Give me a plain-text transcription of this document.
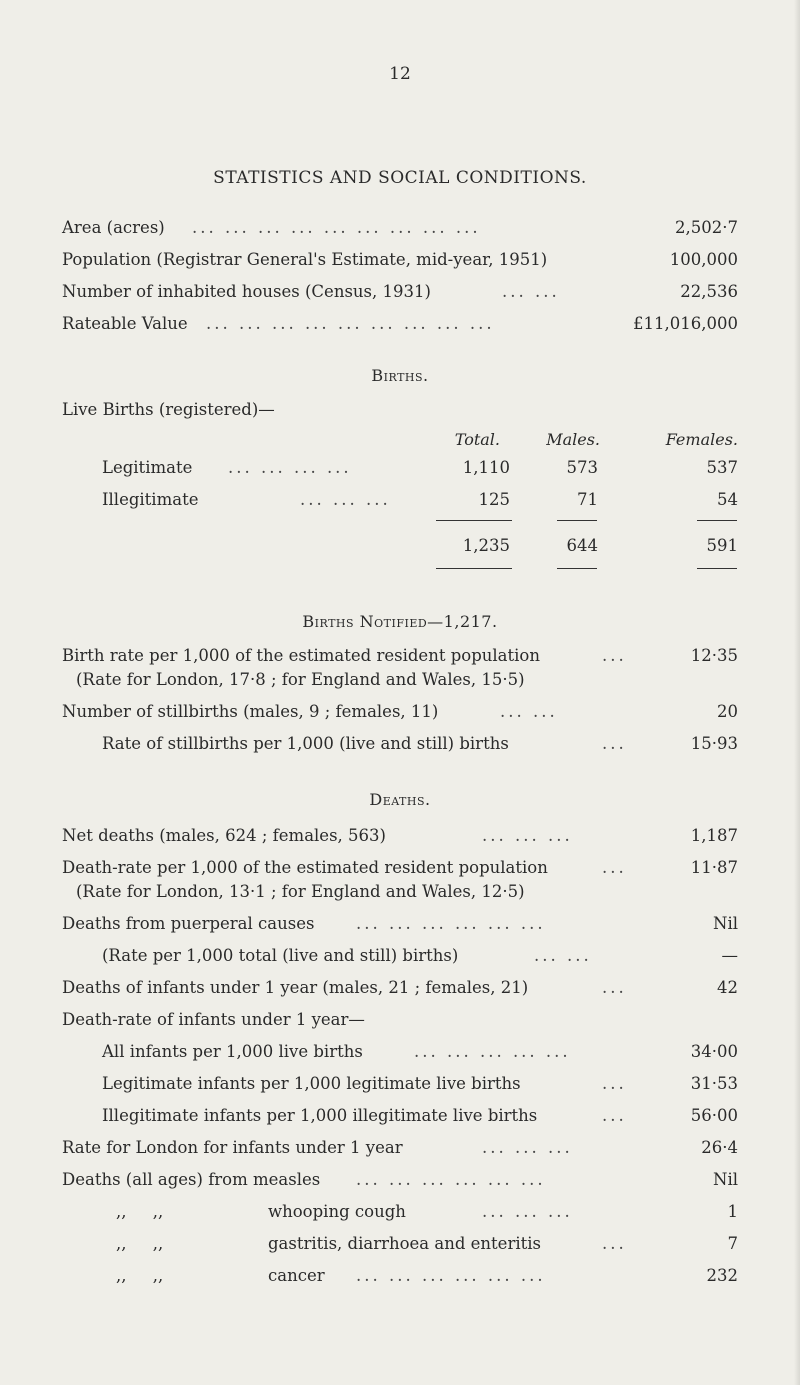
12
STATISTICS AND SOCIAL CONDITIONS.
Area (acres) ... ... ... ... ... ... ... ... ...	2,502·7
Population (Registrar General's Estimate, mid-year, 1951)	100,000
Number of inhabited houses (Census, 1931)	... ...	22,536
Rateable Value ... ... ... ... ... ... ... ... ...	£11,016,000
Births.
Live Births (registered)—
Total.	Males.	Females.
Legitimate ... ... ... ...	1,110	573	537
Illegitimate	... ... ...	125	71	54
1,235	644	591
Births Notified—1,217.
Birth rate per 1,000 of the estimated resident population	...	12·35
(Rate for London, 17·8 ; for England and Wales, 15·5)
Number of stillbirths (males, 9 ; females, 11)	... ...	20
Rate of stillbirths per 1,000 (live and still) births	...	15·93
Deaths.
Net deaths (males, 624 ; females, 563)	... ... ...	1,187
Death-rate per 1,000 of the estimated resident population	...	11·87
(Rate for London, 13·1 ; for England and Wales, 12·5)
Deaths from puerperal causes	... ... ... ... ... ...	Nil
(Rate per 1,000 total (live and still) births)	... ...	—
Deaths of infants under 1 year (males, 21 ; females, 21)	...	42
Death-rate of infants under 1 year—
All infants per 1,000 live births	... ... ... ... ...	34·00
Legitimate infants per 1,000 legitimate live births	...	31·53
Illegitimate infants per 1,000 illegitimate live births	...	56·00
Rate for London for infants under 1 year	... ... ...	26·4
Deaths (all ages) from measles ... ... ... ... ... ...	Nil
,,     ,,	whooping cough	... ... ...	1
,,     ,,	gastritis, diarrhoea and enteritis	...	7
,,     ,,	cancer ... ... ... ... ... ...	232
